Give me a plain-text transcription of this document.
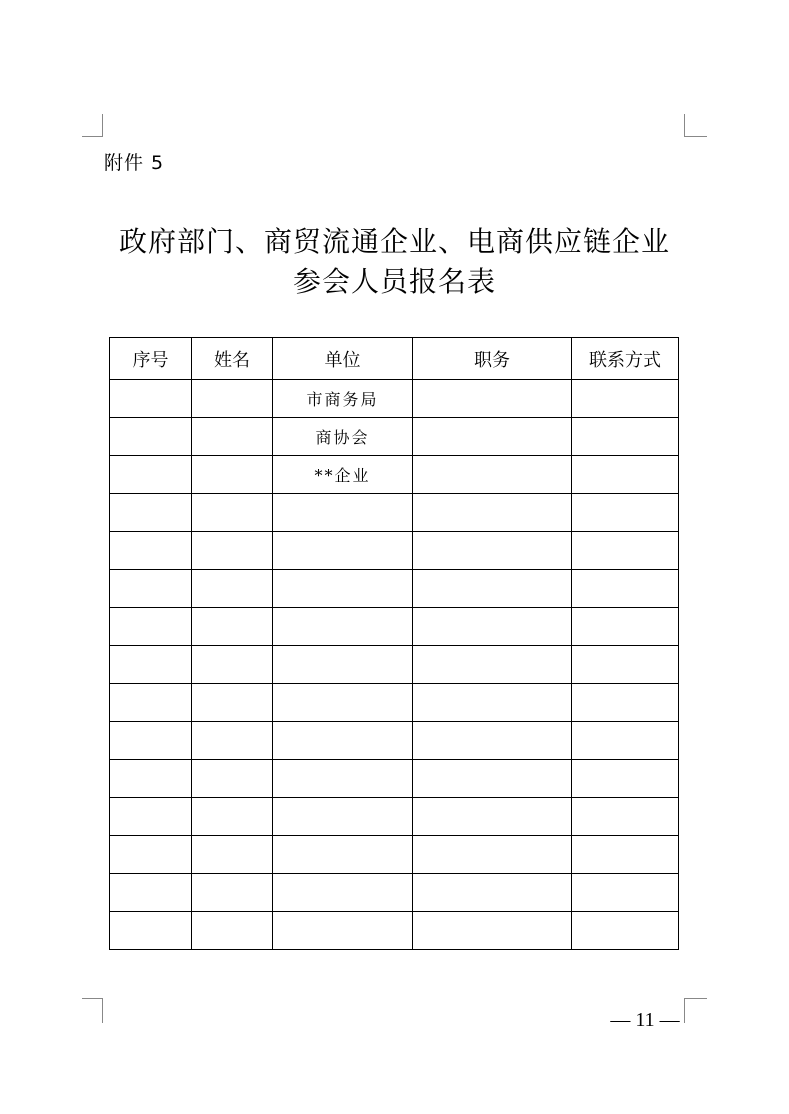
附件 5
政府部门、商贸流通企业、电商供应链企业
参会人员报名表
序号	姓名	单位	职务	联系方式
		市商务局		
		商协会		
		**企业		

— 11 —
